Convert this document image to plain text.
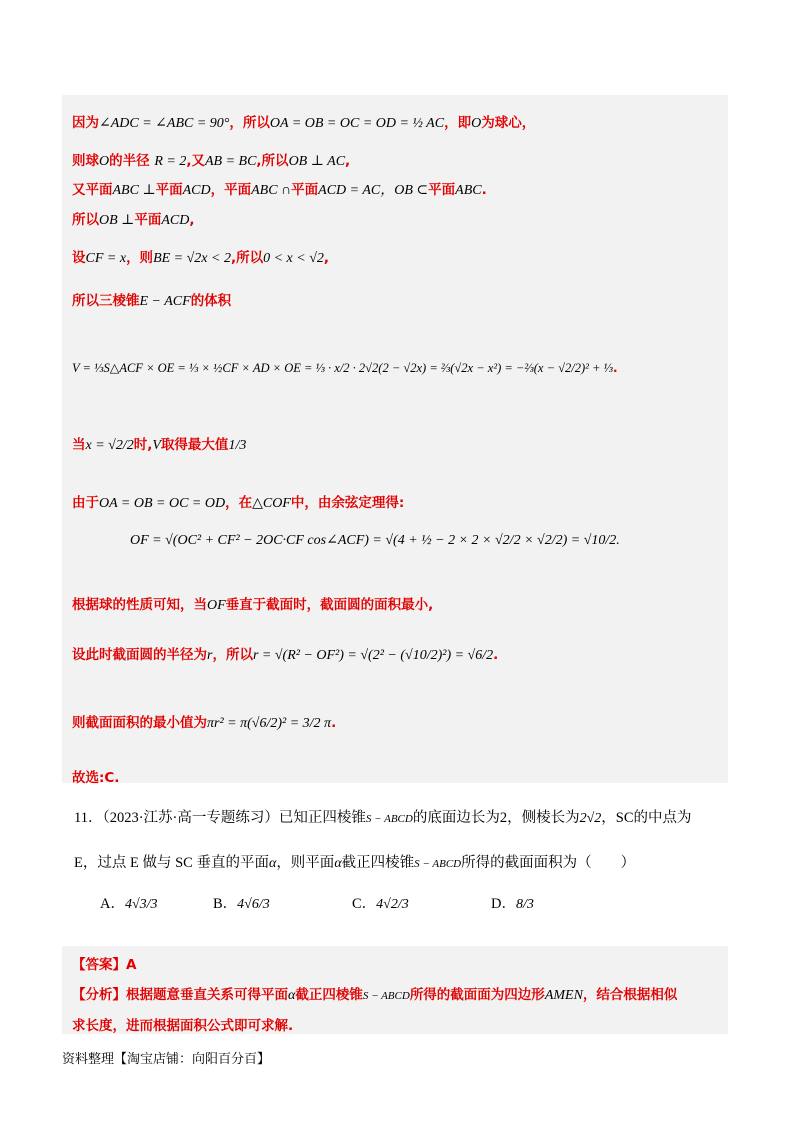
因为∠ADC = ∠ABC = 90°，所以OA = OB = OC = OD = ½ AC，即O为球心，
则球O的半径 R = 2,又AB = BC,所以OB ⊥ AC,
又平面ABC ⊥平面ACD，平面ABC ∩平面ACD = AC，OB ⊂平面ABC.
所以OB ⊥平面ACD,
设CF = x，则BE = √2x < 2,所以0 < x < √2,
所以三棱锥E − ACF的体积
V = ⅓S△ACF × OE = ⅓ × ½CF × AD × OE = ⅓ · x/2 · 2√2(2 − √2x) = ⅔(√2x − x²) = −⅔(x − √2/2)² + ⅓.
当x = √2/2时,V取得最大值1/3
由于OA = OB = OC = OD，在△COF中，由余弦定理得:
OF = √(OC² + CF² − 2OC·CF cos∠ACF) = √(4 + ½ − 2 × 2 × √2/2 × √2/2) = √10/2.
根据球的性质可知，当OF垂直于截面时，截面圆的面积最小,
设此时截面圆的半径为r，所以r = √(R² − OF²) = √(2² − (√10/2)²) = √6/2.
则截面面积的最小值为πr² = π(√6/2)² = 3/2 π.
故选:C.
11．（2023·江苏·高一专题练习）已知正四棱锥S − ABCD的底面边长为2，侧棱长为2√2，SC的中点为
E，过点 E 做与 SC 垂直的平面α，则平面α截正四棱锥S − ABCD所得的截面面积为（　　）
A．4√3/3	B．4√6/3	C．4√2/3	D．8/3
【答案】A
【分析】根据题意垂直关系可得平面α截正四棱锥S − ABCD所得的截面面为四边形AMEN，结合根据相似
求长度，进而根据面积公式即可求解.
资料整理【淘宝店铺：向阳百分百】
